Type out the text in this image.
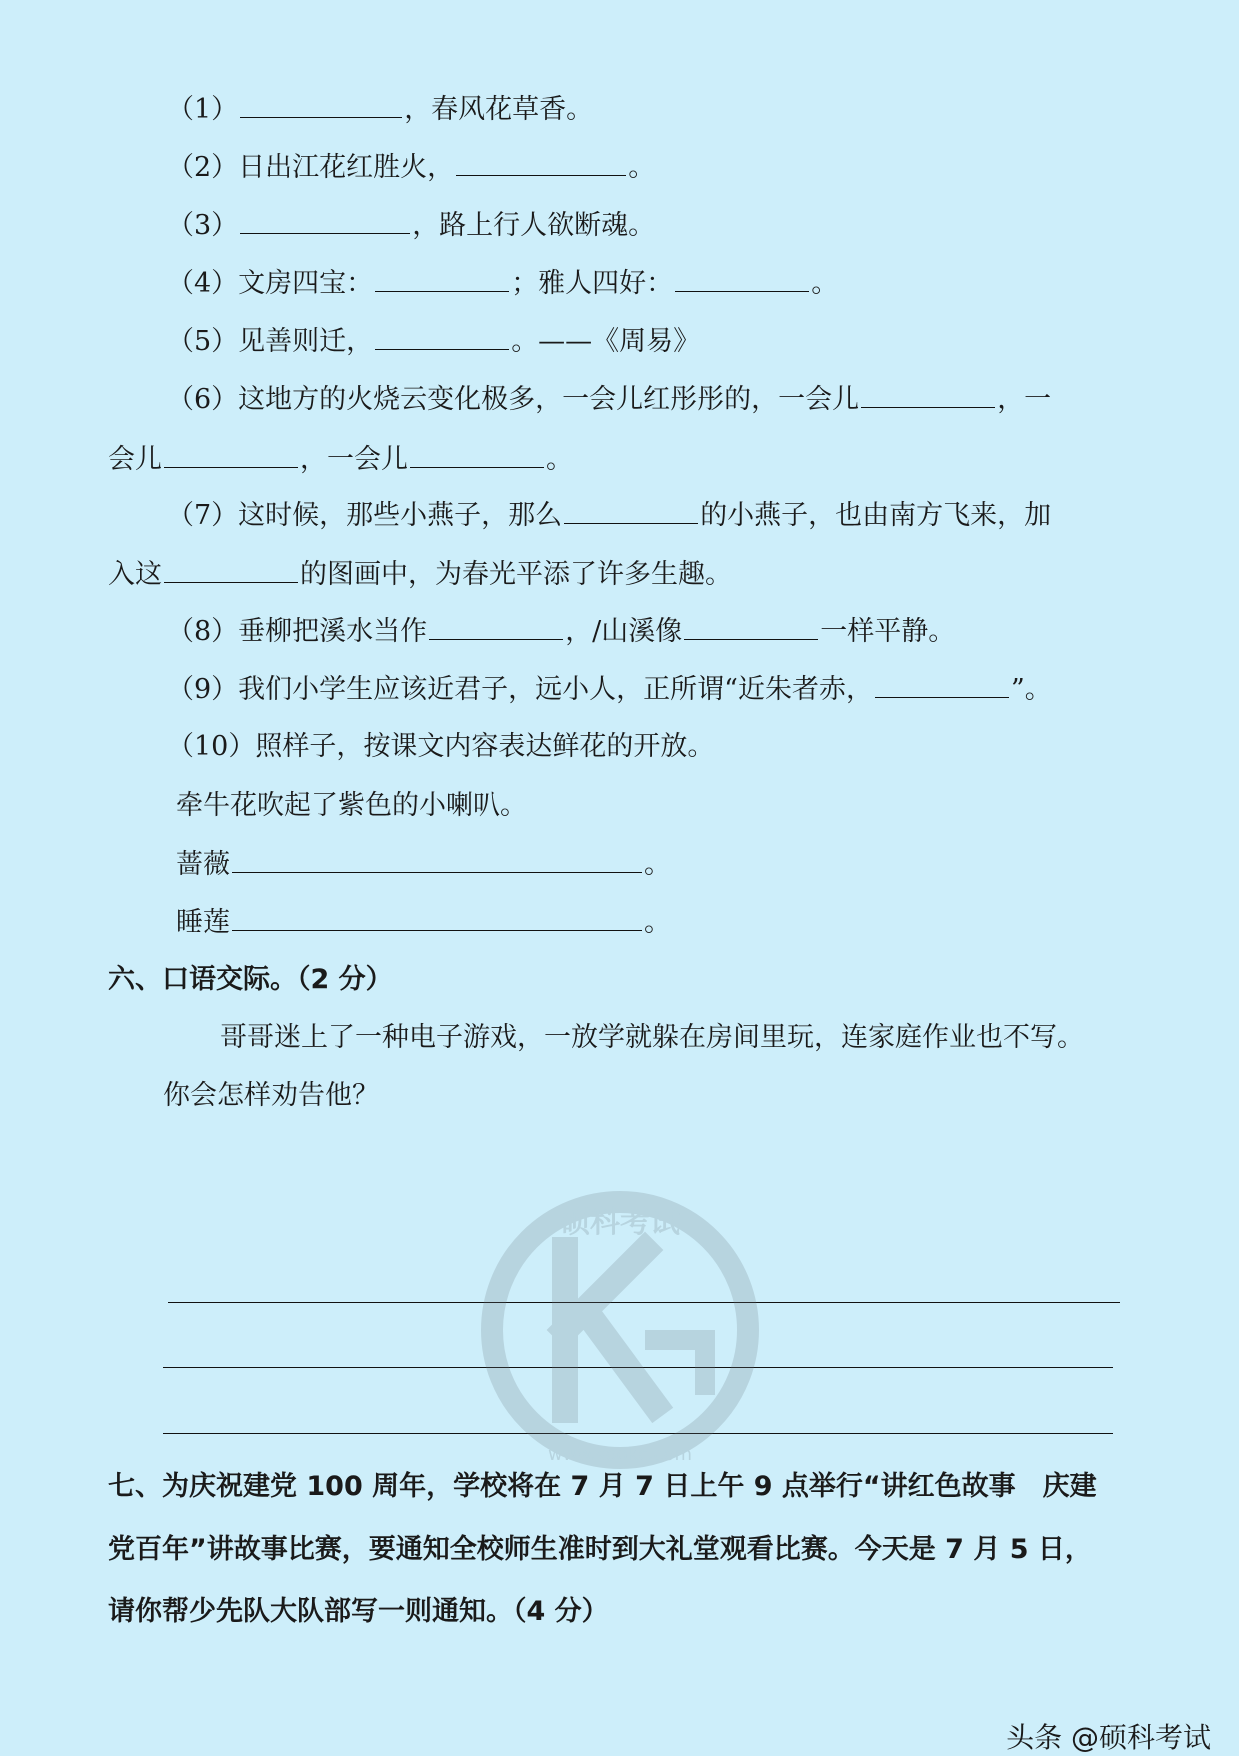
（1）	，春风花草香。
（2）日出江花红胜火，	。
（3）	，路上行人欲断魂。
（4）文房四宝：	；雅人四好：	。
（5）见善则迁，	。——《周易》
（6）这地方的火烧云变化极多，一会儿红彤彤的，一会儿	，一
会儿	，一会儿	。
（7）这时候，那些小燕子，那么	的小燕子，也由南方飞来，加
入这	的图画中，为春光平添了许多生趣。
（8）垂柳把溪水当作	，/山溪像	一样平静。
（9）我们小学生应该近君子，远小人，正所谓“近朱者赤，	”。
（10）照样子，按课文内容表达鲜花的开放。
牵牛花吹起了紫色的小喇叭。
蔷薇	。
睡莲	。
六、口语交际。（2 分）
哥哥迷上了一种电子游戏，一放学就躲在房间里玩，连家庭作业也不写。
你会怎样劝告他？
七、为庆祝建党 100 周年，学校将在 7 月 7 日上午 9 点举行“讲红色故事　庆建
党百年”讲故事比赛，要通知全校师生准时到大礼堂观看比赛。今天是 7 月 5 日，
请你帮少先队大队部写一则通知。（4 分）
硕科考试
www.sookc.com
头条 @硕科考试
